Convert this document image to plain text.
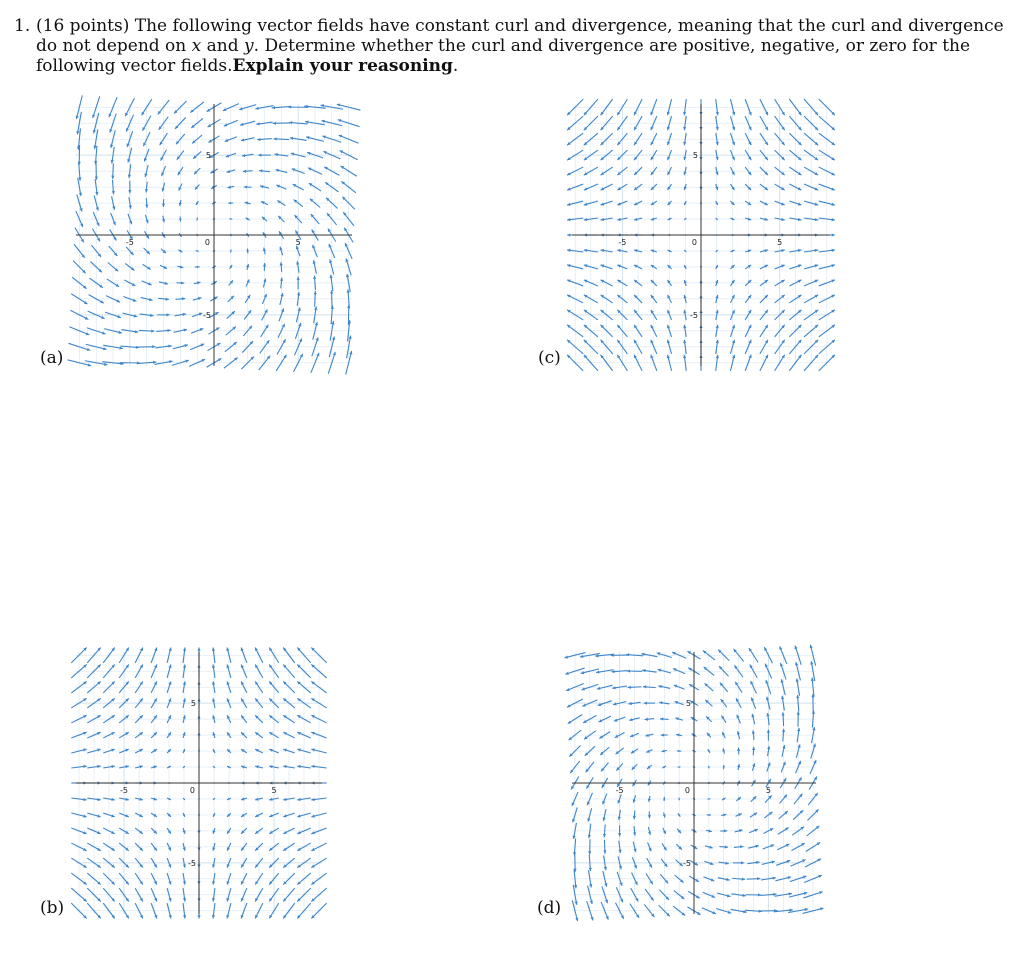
1. (16 points) The following vector fields have constant curl and divergence, meaning that the curl and divergence do not depend on x and y. Determine whether the curl and divergence are positive, negative, or zero for the following vector fields.Explain your reasoning.
(a)
-5	0	5
5
-5
(c)
-5	0	5
5
-5
(b)
-5	0	5
5
-5
(d)
-5	0	5
5
-5
